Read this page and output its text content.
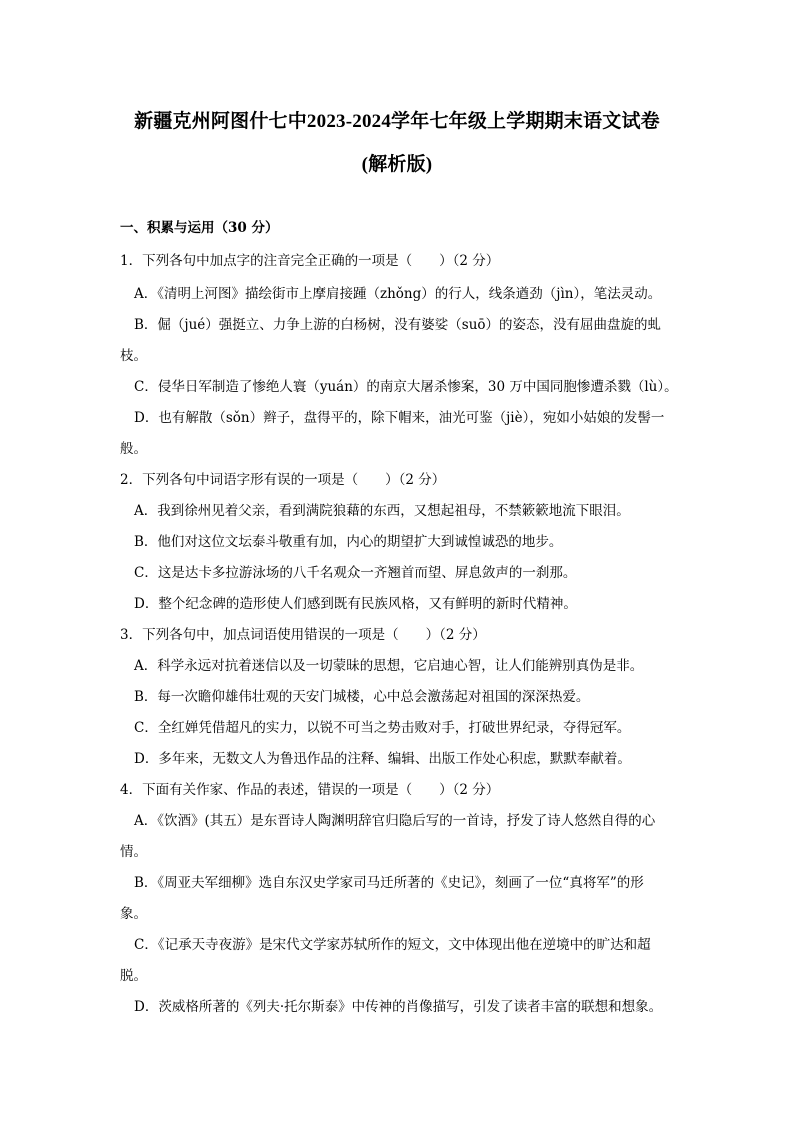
新疆克州阿图什七中2023-2024学年七年级上学期期末语文试卷
(解析版)
一、积累与运用（30 分）
1．下列各句中加点字的注音完全正确的一项是（　　）（2 分）
A．《清明上河图》描绘街市上摩肩接踵（zhǒng）的行人，线条遒劲（jìn），笔法灵动。
B．倔（jué）强挺立、力争上游的白杨树，没有婆娑（suō）的姿态，没有屈曲盘旋的虬
枝。
C．侵华日军制造了惨绝人寰（yuán）的南京大屠杀惨案，30 万中国同胞惨遭杀戮（lù）。
D．也有解散（sǒn）辫子，盘得平的，除下帽来，油光可鉴（jiè），宛如小姑娘的发髻一
般。
2．下列各句中词语字形有误的一项是（　　）（2 分）
A．我到徐州见着父亲，看到满院狼藉的东西，又想起祖母，不禁簌簌地流下眼泪。
B．他们对这位文坛泰斗敬重有加，内心的期望扩大到诚惶诚恐的地步。
C．这是达卡多拉游泳场的八千名观众一齐翘首而望、屏息敛声的一刹那。
D．整个纪念碑的造形使人们感到既有民族风格，又有鲜明的新时代精神。
3．下列各句中，加点词语使用错误的一项是（　　）（2 分）
A．科学永远对抗着迷信以及一切蒙昧的思想，它启迪心智，让人们能辨别真伪是非。
B．每一次瞻仰雄伟壮观的天安门城楼，心中总会激荡起对祖国的深深热爱。
C．全红婵凭借超凡的实力，以锐不可当之势击败对手，打破世界纪录，夺得冠军。
D．多年来，无数文人为鲁迅作品的注释、编辑、出版工作处心积虑，默默奉献着。
4．下面有关作家、作品的表述，错误的一项是（　　）（2 分）
A．《饮酒》(其五）是东晋诗人陶渊明辞官归隐后写的一首诗，抒发了诗人悠然自得的心
情。
B．《周亚夫军细柳》选自东汉史学家司马迁所著的《史记》，刻画了一位“真将军”的形
象。
C．《记承天寺夜游》是宋代文学家苏轼所作的短文，文中体现出他在逆境中的旷达和超
脱。
D．茨威格所著的《列夫·托尔斯泰》中传神的肖像描写，引发了读者丰富的联想和想象。
